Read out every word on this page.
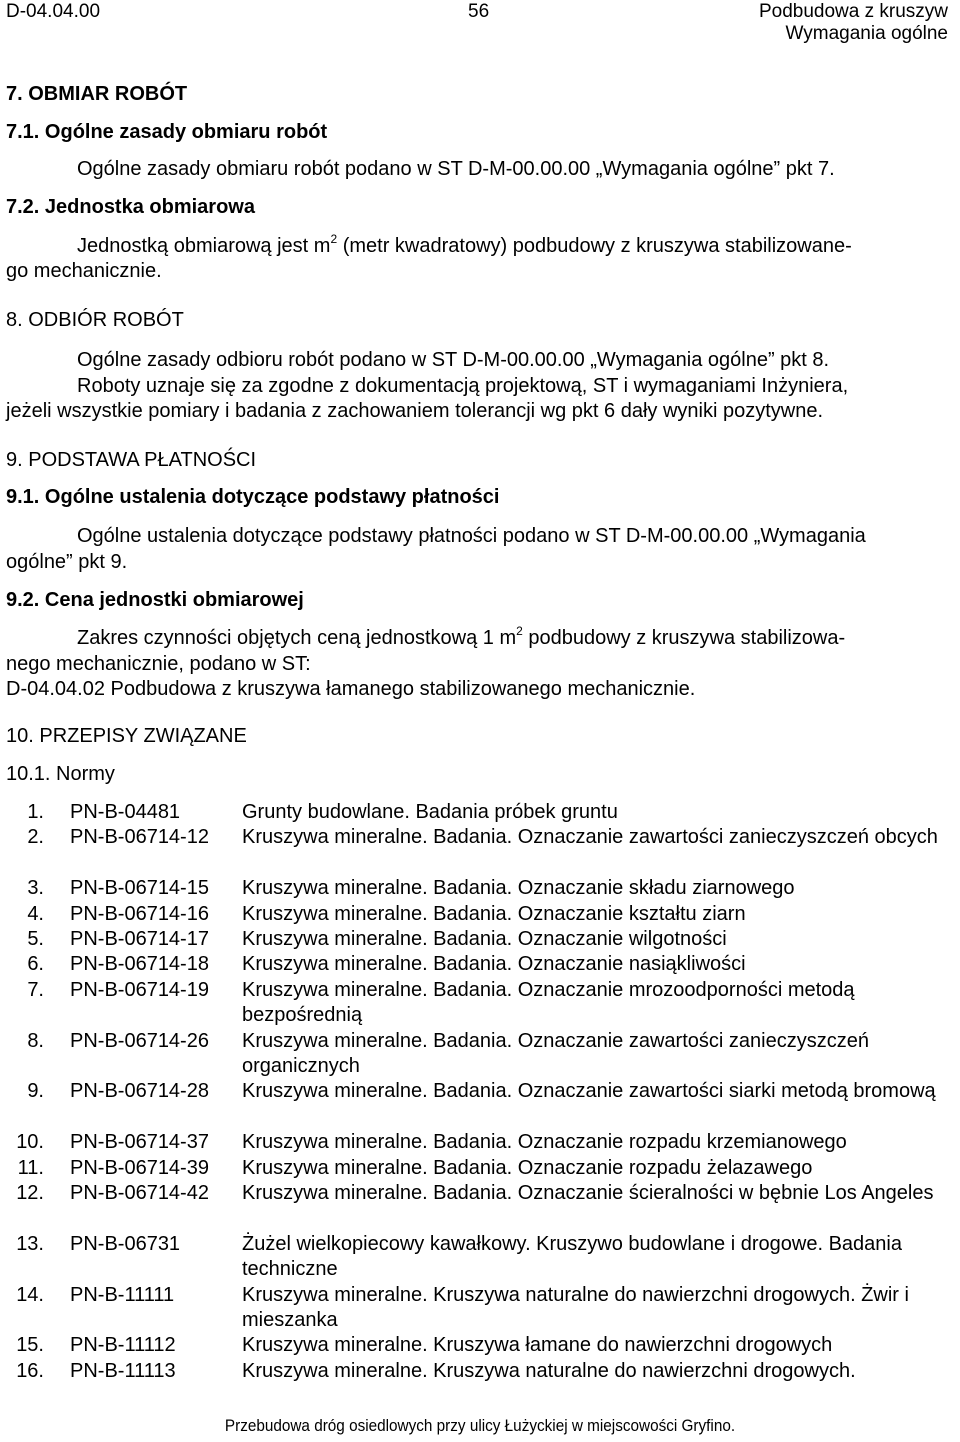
D-04.04.00	56	Podbudowa z kruszyw
Wymagania ogólne
7. OBMIAR ROBÓT
7.1. Ogólne zasady obmiaru robót
Ogólne zasady obmiaru robót podano w ST D-M-00.00.00 „Wymagania ogólne” pkt 7.
7.2. Jednostka obmiarowa
Jednostką obmiarową jest $m^2$ (metr kwadratowy) podbudowy z kruszywa stabilizowane-
go mechanicznie.
8. ODBIÓR ROBÓT
Ogólne zasady odbioru robót podano w ST D-M-00.00.00 „Wymagania ogólne” pkt 8.
Roboty uznaje się za zgodne z dokumentacją projektową, ST i wymaganiami Inżyniera,
jeżeli wszystkie pomiary i badania z zachowaniem tolerancji wg pkt 6 dały wyniki pozytywne.
9. PODSTAWA PŁATNOŚCI
9.1. Ogólne ustalenia dotyczące podstawy płatności
Ogólne ustalenia dotyczące podstawy płatności podano w ST D-M-00.00.00 „Wymagania
ogólne” pkt 9.
9.2. Cena jednostki obmiarowej
Zakres czynności objętych ceną jednostkową 1 $m^2$ podbudowy z kruszywa stabilizowa-
nego mechanicznie, podano w ST:
D-04.04.02 Podbudowa z kruszywa łamanego stabilizowanego mechanicznie.
10. PRZEPISY ZWIĄZANE
10.1. Normy
1. PN-B-04481	Grunty budowlane. Badania próbek gruntu
2. PN-B-06714-12 Kruszywa mineralne. Badania. Oznaczanie zawartości zanieczyszczeń obcych
3. PN-B-06714-15 Kruszywa mineralne. Badania. Oznaczanie składu ziarnowego
4. PN-B-06714-16 Kruszywa mineralne. Badania. Oznaczanie kształtu ziarn
5. PN-B-06714-17 Kruszywa mineralne. Badania. Oznaczanie wilgotności
6. PN-B-06714-18 Kruszywa mineralne. Badania. Oznaczanie nasiąkliwości
7. PN-B-06714-19 Kruszywa mineralne. Badania. Oznaczanie mrozoodporności metodą bezpośrednią
8. PN-B-06714-26 Kruszywa mineralne. Badania. Oznaczanie zawartości zanieczyszczeń organicznych
9. PN-B-06714-28 Kruszywa mineralne. Badania. Oznaczanie zawartości siarki metodą bromową
10. PN-B-06714-37 Kruszywa mineralne. Badania. Oznaczanie rozpadu krzemianowego
11. PN-B-06714-39 Kruszywa mineralne. Badania. Oznaczanie rozpadu żelazawego
12. PN-B-06714-42 Kruszywa mineralne. Badania. Oznaczanie ścieralności w bębnie Los Angeles
13. PN-B-06731	Żużel wielkopiecowy kawałkowy. Kruszywo budowlane i drogowe. Badania techniczne
14. PN-B-11111	Kruszywa mineralne. Kruszywa naturalne do nawierzchni drogowych. Żwir i mieszanka
15. PN-B-11112	Kruszywa mineralne. Kruszywa łamane do nawierzchni drogowych
16. PN-B-11113	Kruszywa mineralne. Kruszywa naturalne do nawierzchni drogowych.
Przebudowa dróg osiedlowych przy ulicy Łużyckiej w miejscowości Gryfino.
